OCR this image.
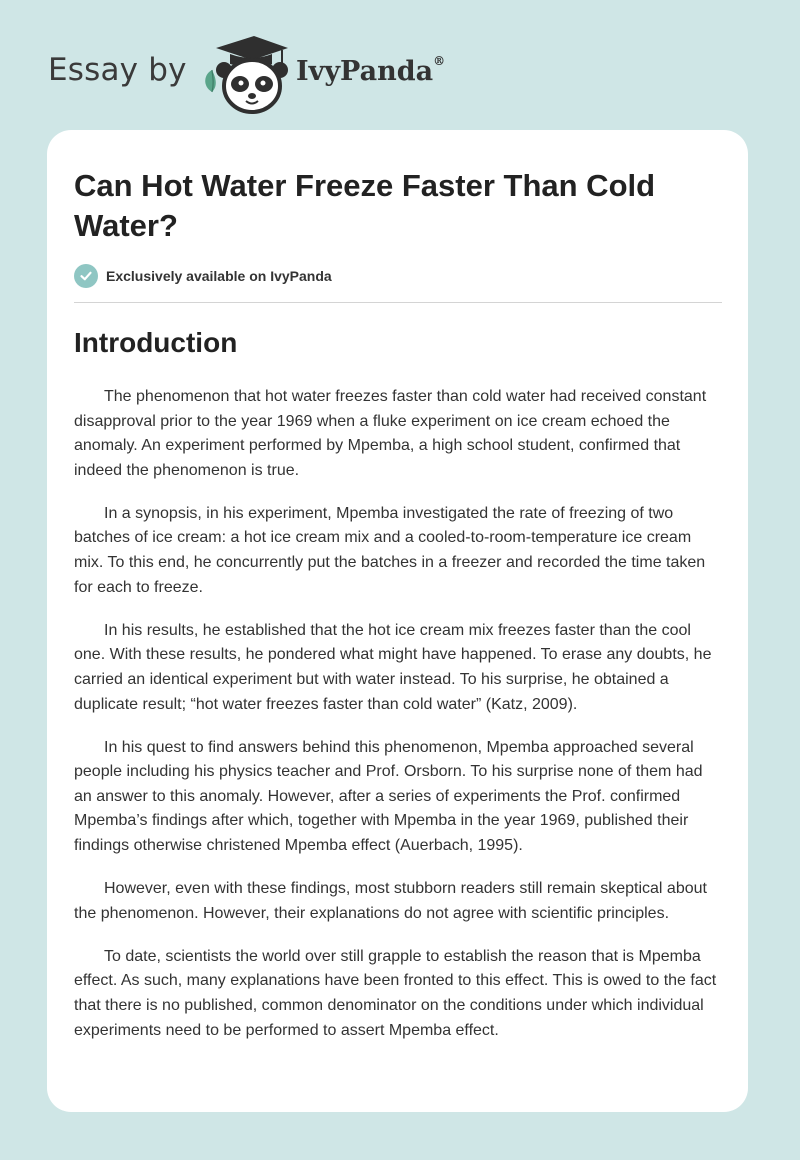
Essay by	IvyPanda®
Can Hot Water Freeze Faster Than Cold Water?
Exclusively available on IvyPanda
Introduction

The phenomenon that hot water freezes faster than cold water had received constant disapproval prior to the year 1969 when a fluke experiment on ice cream echoed the anomaly. An experiment performed by Mpemba, a high school student, confirmed that indeed the phenomenon is true.

In a synopsis, in his experiment, Mpemba investigated the rate of freezing of two batches of ice cream: a hot ice cream mix and a cooled-to-room-temperature ice cream mix. To this end, he concurrently put the batches in a freezer and recorded the time taken for each to freeze.

In his results, he established that the hot ice cream mix freezes faster than the cool one. With these results, he pondered what might have happened. To erase any doubts, he carried an identical experiment but with water instead. To his surprise, he obtained a duplicate result; “hot water freezes faster than cold water” (Katz, 2009).

In his quest to find answers behind this phenomenon, Mpemba approached several people including his physics teacher and Prof. Orsborn. To his surprise none of them had an answer to this anomaly. However, after a series of experiments the Prof. confirmed Mpemba’s findings after which, together with Mpemba in the year 1969, published their findings otherwise christened Mpemba effect (Auerbach, 1995).

However, even with these findings, most stubborn readers still remain skeptical about the phenomenon. However, their explanations do not agree with scientific principles.

To date, scientists the world over still grapple to establish the reason that is Mpemba effect. As such, many explanations have been fronted to this effect. This is owed to the fact that there is no published, common denominator on the conditions under which individual experiments need to be performed to assert Mpemba effect.
